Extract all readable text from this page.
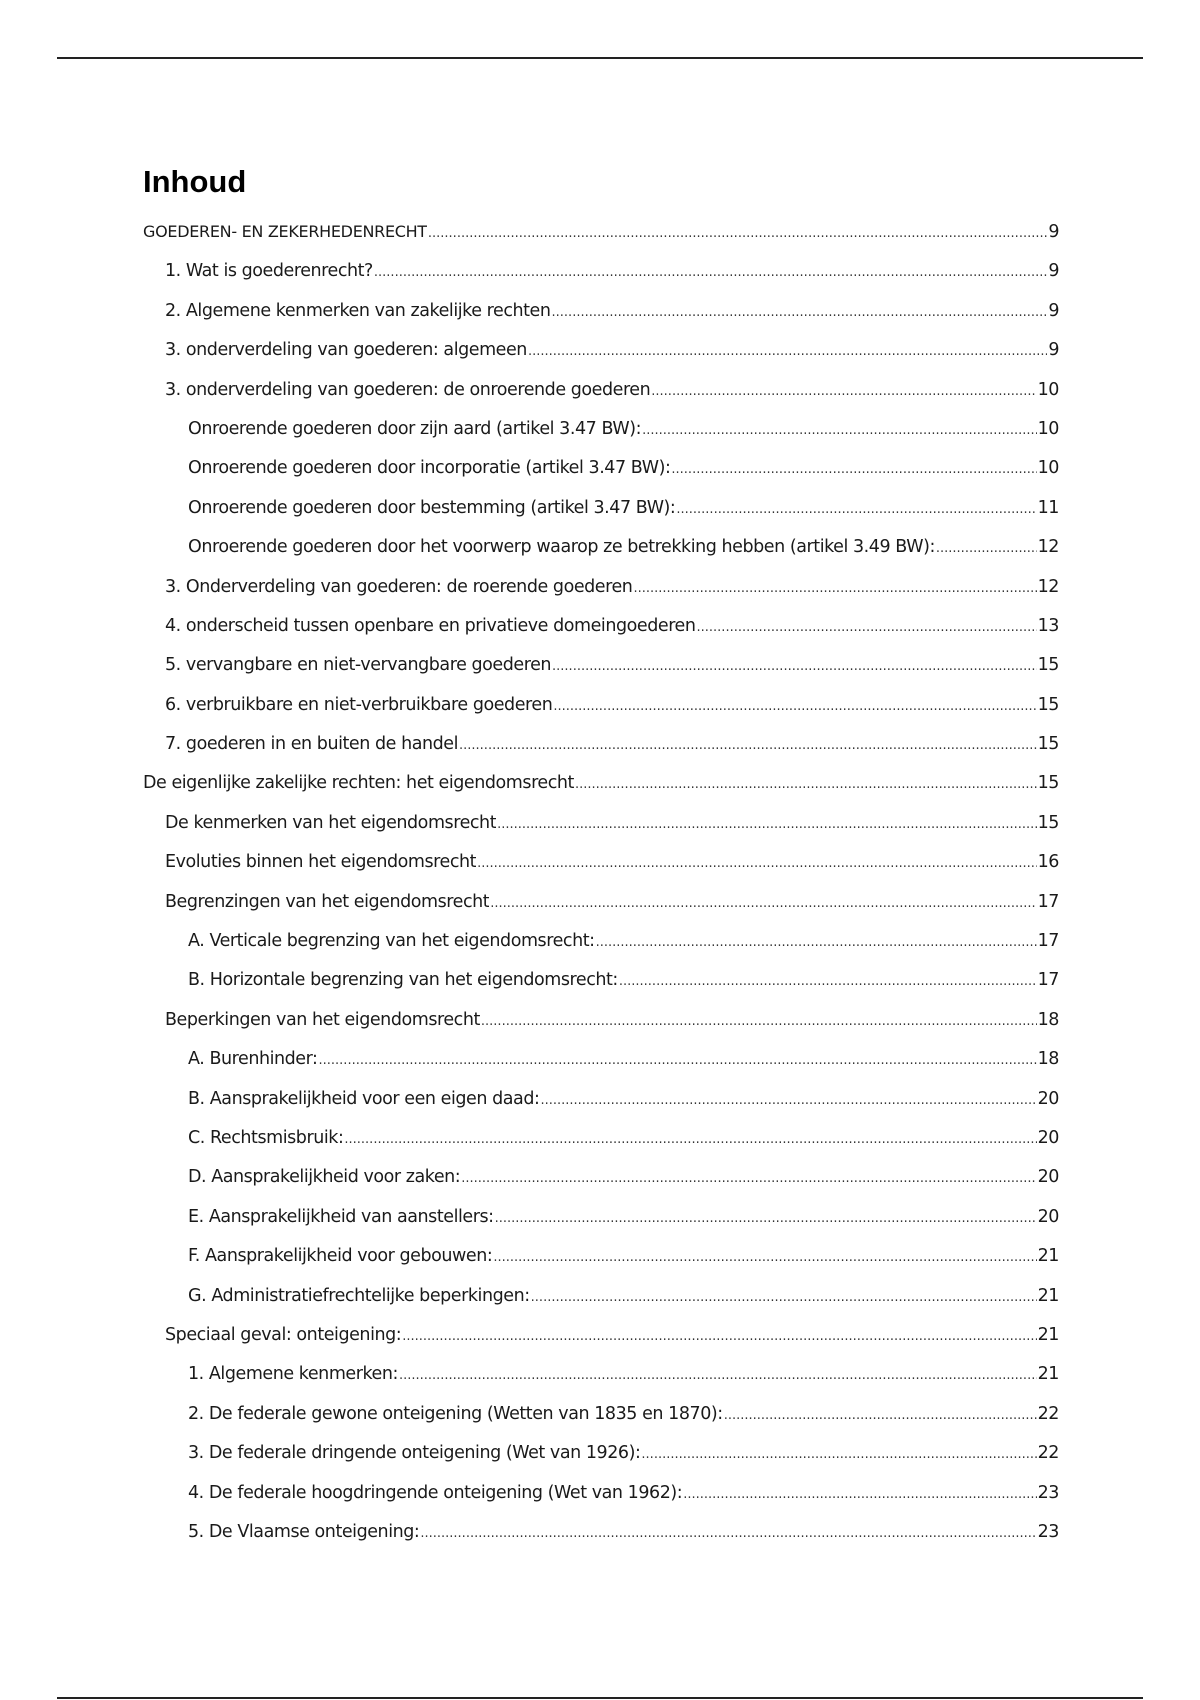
Inhoud
GOEDEREN- EN ZEKERHEDENRECHT .....	9
1. Wat is goederenrecht? .....	9
2. Algemene kenmerken van zakelijke rechten .....	9
3. onderverdeling van goederen: algemeen .....	9
3. onderverdeling van goederen: de onroerende goederen .....	10
Onroerende goederen door zijn aard (artikel 3.47 BW): .....	10
Onroerende goederen door incorporatie (artikel 3.47 BW): .....	10
Onroerende goederen door bestemming (artikel 3.47 BW): .....	11
Onroerende goederen door het voorwerp waarop ze betrekking hebben (artikel 3.49 BW): .....	12
3. Onderverdeling van goederen: de roerende goederen .....	12
4. onderscheid tussen openbare en privatieve domeingoederen .....	13
5. vervangbare en niet-vervangbare goederen .....	15
6. verbruikbare en niet-verbruikbare goederen .....	15
7. goederen in en buiten de handel .....	15
De eigenlijke zakelijke rechten: het eigendomsrecht .....	15
De kenmerken van het eigendomsrecht .....	15
Evoluties binnen het eigendomsrecht .....	16
Begrenzingen van het eigendomsrecht .....	17
A. Verticale begrenzing van het eigendomsrecht: .....	17
B. Horizontale begrenzing van het eigendomsrecht: .....	17
Beperkingen van het eigendomsrecht .....	18
A. Burenhinder: .....	18
B. Aansprakelijkheid voor een eigen daad: .....	20
C. Rechtsmisbruik: .....	20
D. Aansprakelijkheid voor zaken: .....	20
E. Aansprakelijkheid van aanstellers: .....	20
F. Aansprakelijkheid voor gebouwen: .....	21
G. Administratiefrechtelijke beperkingen: .....	21
Speciaal geval: onteigening: .....	21
1. Algemene kenmerken: .....	21
2. De federale gewone onteigening (Wetten van 1835 en 1870): .....	22
3. De federale dringende onteigening (Wet van 1926): .....	22
4. De federale hoogdringende onteigening (Wet van 1962): .....	23
5. De Vlaamse onteigening: .....	23
